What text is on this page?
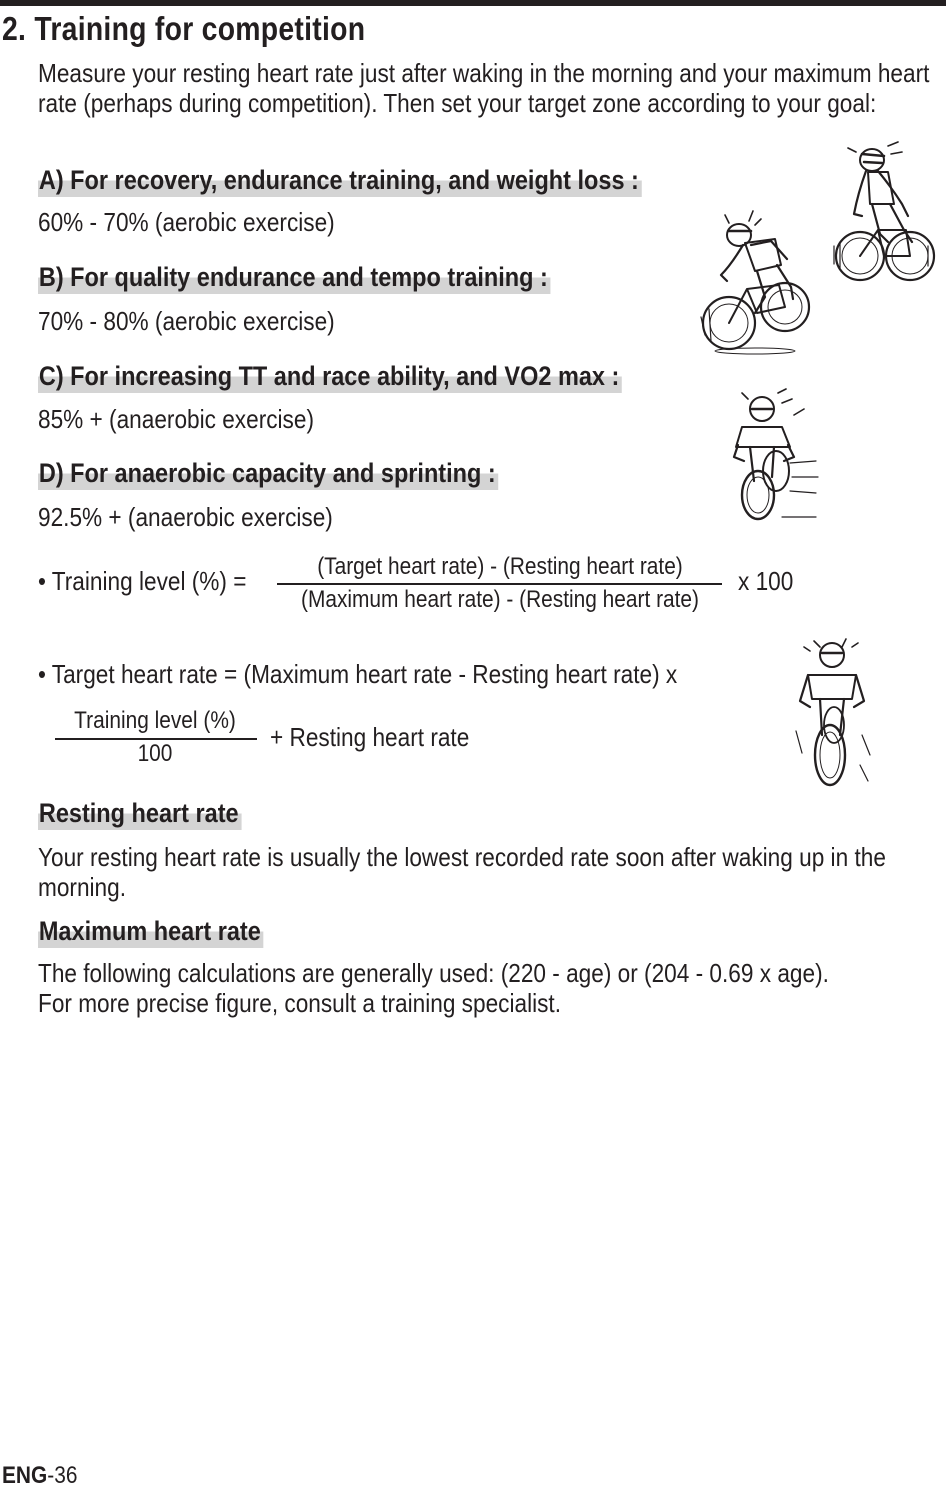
2. Training for competition

Measure your resting heart rate just after waking in the morning and your maximum heart rate (perhaps during competition). Then set your target zone according to your goal:

A) For recovery, endurance training, and weight loss :
60% - 70% (aerobic exercise)
B) For quality endurance and tempo training :
70% - 80% (aerobic exercise)
C) For increasing TT and race ability, and VO2 max :
85% + (anaerobic exercise)
D) For anaerobic capacity and sprinting :
92.5% + (anaerobic exercise)
• Training level (%) =	(Target heart rate) - (Resting heart rate)
(Maximum heart rate) - (Resting heart rate)
x 100
• Target heart rate = (Maximum heart rate - Resting heart rate) x
Training level (%)
100
+ Resting heart rate
Resting heart rate

Your resting heart rate is usually the lowest recorded rate soon after waking up in the morning.

Maximum heart rate

The following calculations are generally used: (220 - age) or (204 - 0.69 x age).

For more precise figure, consult a training specialist.

ENG-36
